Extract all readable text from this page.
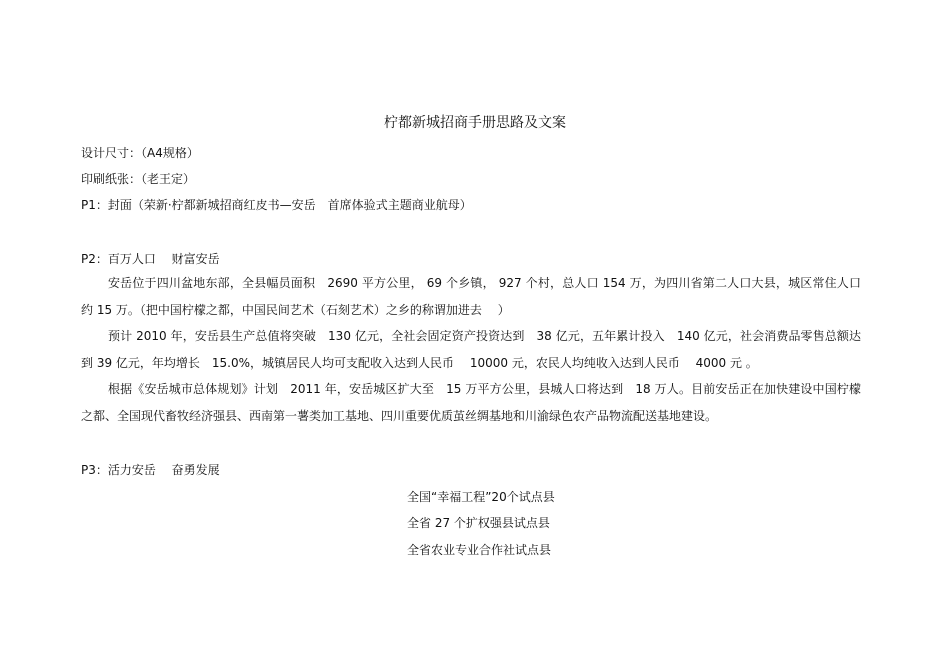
柠都新城招商手册思路及文案
设计尺寸：（A4规格）
印刷纸张：（老王定）
P1：封面（荣新·柠都新城招商红皮书—安岳　首席体验式主题商业航母）
P2：百万人口　 财富安岳
安岳位于四川盆地东部，全县幅员面积　2690 平方公里， 69 个乡镇， 927 个村，总人口 154 万，为四川省第二人口大县，城区常住人口约 15 万。（把中国柠檬之都，中国民间艺术（石刻艺术）之乡的称谓加进去　 ）
预计 2010 年，安岳县生产总值将突破　130 亿元，全社会固定资产投资达到　38 亿元，五年累计投入　140 亿元，社会消费品零售总额达到 39 亿元，年均增长　15.0%，城镇居民人均可支配收入达到人民币　 10000 元，农民人均纯收入达到人民币　 4000 元 。
根据《安岳城市总体规划》计划　2011 年，安岳城区扩大至　15 万平方公里，县城人口将达到　18 万人。目前安岳正在加快建设中国柠檬之都、全国现代畜牧经济强县、西南第一薯类加工基地、四川重要优质茧丝绸基地和川渝绿色农产品物流配送基地建设。
P3：活力安岳　 奋勇发展
全国“幸福工程”20个试点县
全省 27 个扩权强县试点县
全省农业专业合作社试点县
